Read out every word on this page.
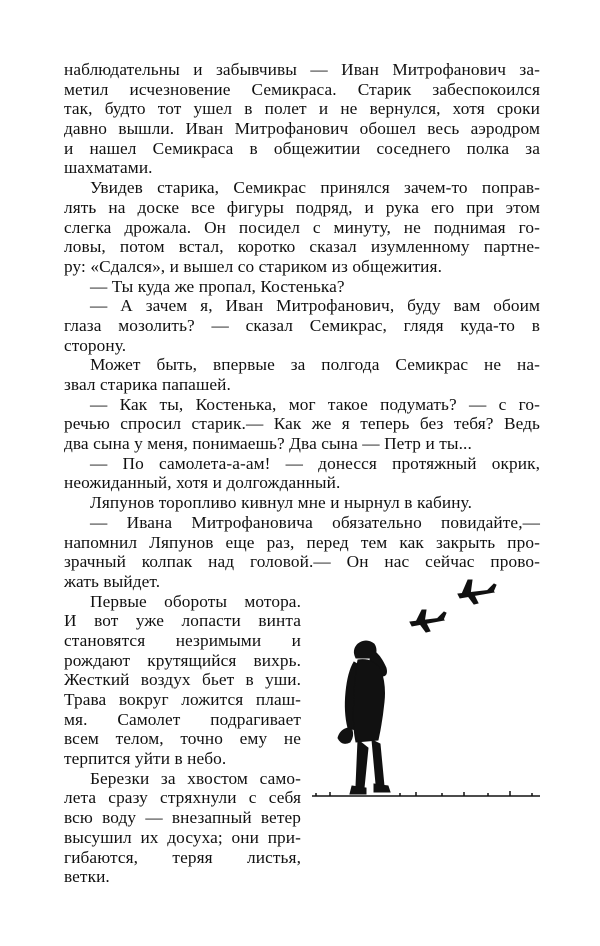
наблюдательны и забывчивы — Иван Митрофанович за-
метил исчезновение Семикраса. Старик забеспокоился
так, будто тот ушел в полет и не вернулся, хотя сроки
давно вышли. Иван Митрофанович обошел весь аэродром
и нашел Семикраса в общежитии соседнего полка за
шахматами.
Увидев старика, Семикрас принялся зачем-то поправ-
лять на доске все фигуры подряд, и рука его при этом
слегка дрожала. Он посидел с минуту, не поднимая го-
ловы, потом встал, коротко сказал изумленному партне-
ру: «Сдался», и вышел со стариком из общежития.
— Ты куда же пропал, Костенька?
— А зачем я, Иван Митрофанович, буду вам обоим
глаза мозолить? — сказал Семикрас, глядя куда-то в
сторону.
Может быть, впервые за полгода Семикрас не на-
звал старика папашей.
— Как ты, Костенька, мог такое подумать? — с го-
речью спросил старик.— Как же я теперь без тебя? Ведь
два сына у меня, понимаешь? Два сына — Петр и ты...
— По самолета-а-ам! — донесся протяжный окрик,
неожиданный, хотя и долгожданный.
Ляпунов торопливо кивнул мне и нырнул в кабину.
— Ивана Митрофановича обязательно повидайте,—
напомнил Ляпунов еще раз, перед тем как закрыть про-
зрачный колпак над головой.— Он нас сейчас прово-
жать выйдет.
Первые обороты мотора.
И вот уже лопасти винта
становятся незримыми и
рождают крутящийся вихрь.
Жесткий воздух бьет в уши.
Трава вокруг ложится плаш-
мя. Самолет подрагивает
всем телом, точно ему не
терпится уйти в небо.
Березки за хвостом само-
лета сразу стряхнули с себя
всю воду — внезапный ветер
высушил их досуха; они при-
гибаются, теряя листья,
ветки.
